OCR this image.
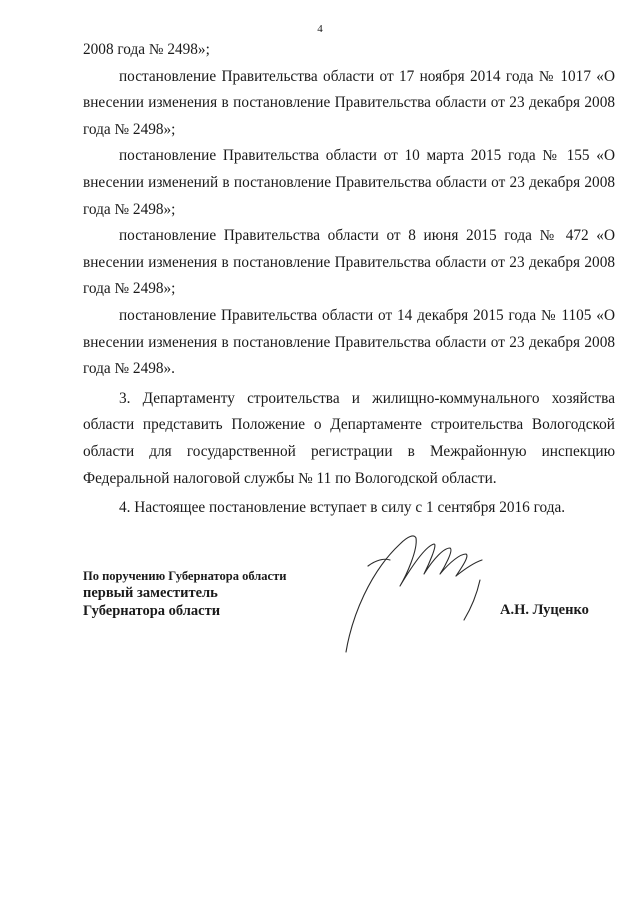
4

2008 года № 2498»;

постановление Правительства области от 17 ноября 2014 года № 1017 «О внесении изменения в постановление Правительства области от 23 декабря 2008 года № 2498»;

постановление Правительства области от 10 марта 2015 года № 155 «О внесении изменений в постановление Правительства области от 23 декабря 2008 года № 2498»;

постановление Правительства области от 8 июня 2015 года № 472 «О внесении изменения в постановление Правительства области от 23 декабря 2008 года № 2498»;

постановление Правительства области от 14 декабря 2015 года № 1105 «О внесении изменения в постановление Правительства области от 23 декабря 2008 года № 2498».

3. Департаменту строительства и жилищно-коммунального хозяйства области представить Положение о Департаменте строительства Вологодской области для государственной регистрации в Межрайонную инспекцию Федеральной налоговой службы № 11 по Вологодской области.

4. Настоящее постановление вступает в силу с 1 сентября 2016 года.

По поручению Губернатора области
первый заместитель
Губернатора области	А.Н. Луценко
